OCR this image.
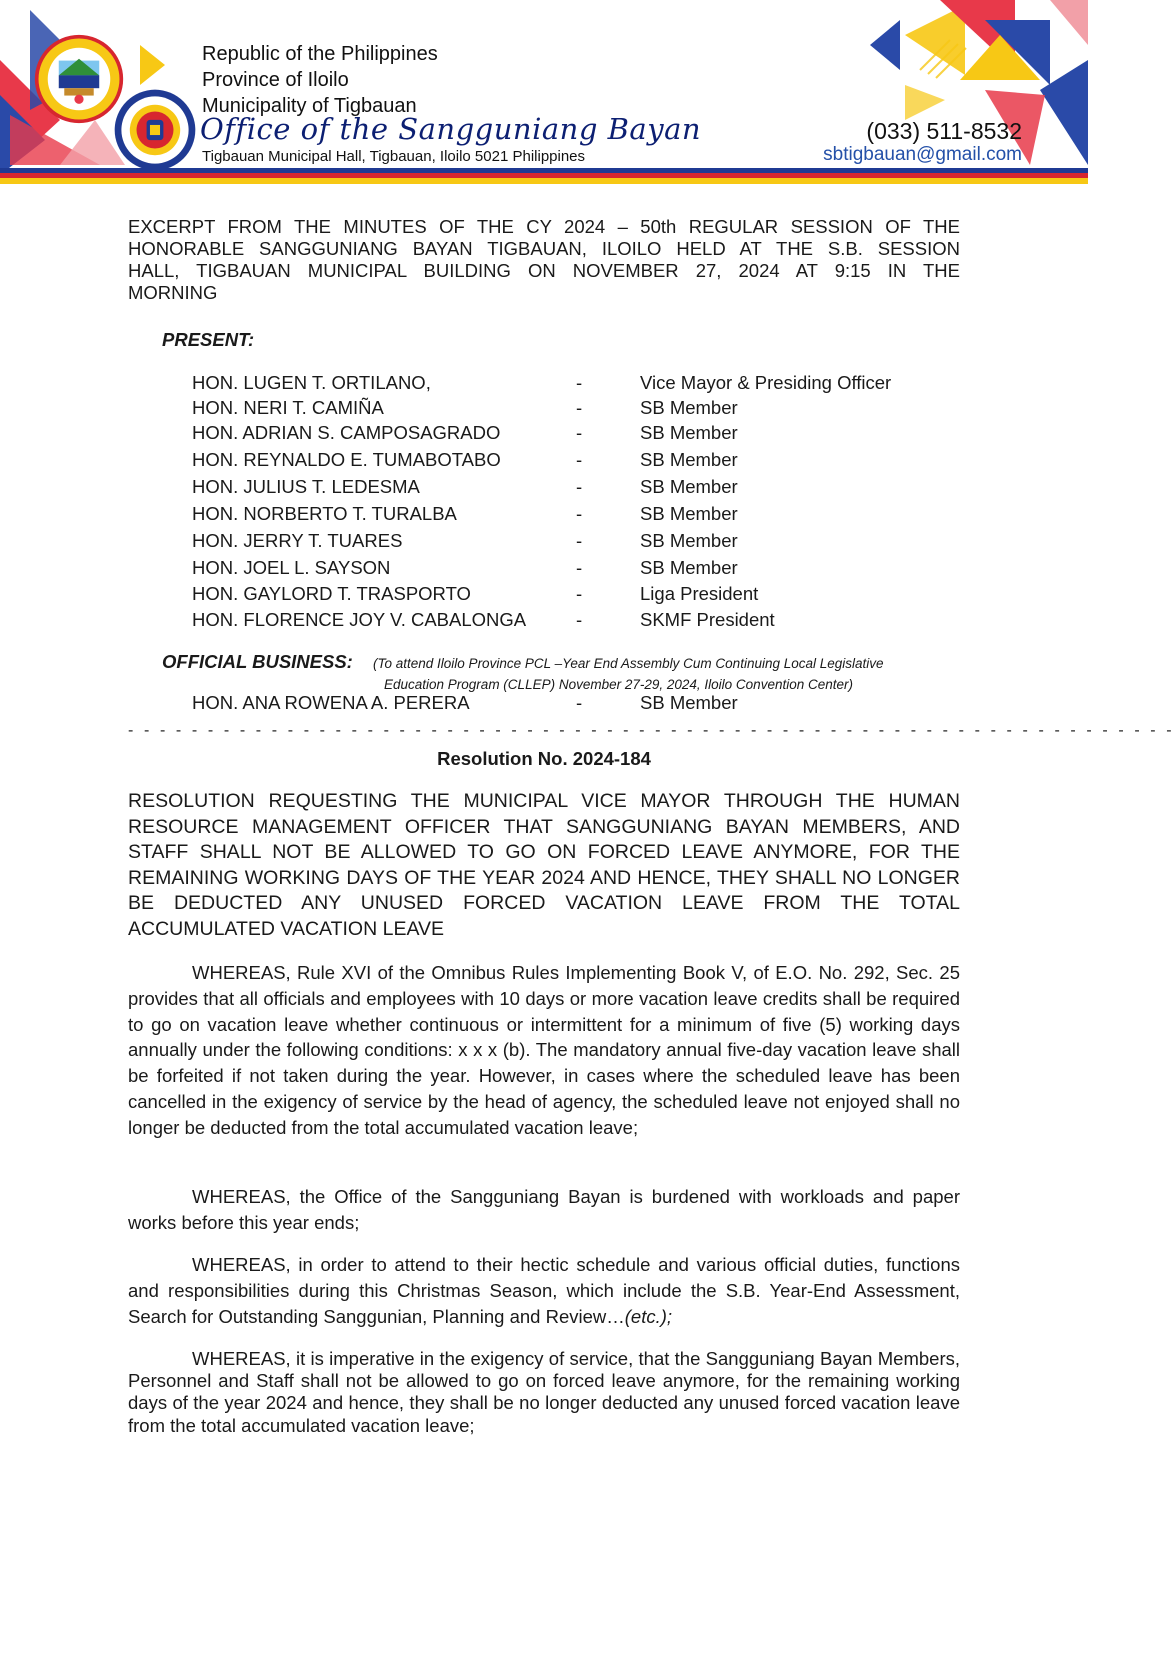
Republic of the Philippines
Province of Iloilo
Municipality of Tigbauan
Office of the Sangguniang Bayan
Tigbauan Municipal Hall, Tigbauan, Iloilo 5021 Philippines
(033) 511-8532
sbtigbauan@gmail.com
EXCERPT FROM THE MINUTES OF THE CY 2024 – 50th REGULAR SESSION OF THE
HONORABLE SANGGUNIANG BAYAN TIGBAUAN, ILOILO HELD AT THE S.B. SESSION
HALL, TIGBAUAN MUNICIPAL BUILDING ON NOVEMBER 27, 2024 AT 9:15 IN THE
MORNING
PRESENT:
HON. LUGEN T. ORTILANO,	-	Vice Mayor & Presiding Officer
HON. NERI T. CAMIÑA	-	SB Member
HON. ADRIAN S. CAMPOSAGRADO	-	SB Member
HON. REYNALDO E. TUMABOTABO	-	SB Member
HON. JULIUS T. LEDESMA	-	SB Member
HON. NORBERTO T. TURALBA	-	SB Member
HON. JERRY T. TUARES	-	SB Member
HON. JOEL L. SAYSON	-	SB Member
HON. GAYLORD T. TRASPORTO	-	Liga President
HON. FLORENCE JOY V. CABALONGA	-	SKMF President
OFFICIAL BUSINESS: (To attend Iloilo Province PCL –Year End Assembly Cum Continuing Local Legislative
Education Program (CLLEP) November 27-29, 2024, Iloilo Convention Center)
HON. ANA ROWENA A. PERERA	-	SB Member
- - - - - - - - - - - - - - - - - - - - - - - - - - - - - - - - - - - - - - - - - - - - - - - - - - - - - - - - - - - - - - - - - -
Resolution No. 2024-184
RESOLUTION REQUESTING THE MUNICIPAL VICE MAYOR THROUGH THE HUMAN
RESOURCE MANAGEMENT OFFICER THAT SANGGUNIANG BAYAN MEMBERS, AND
STAFF SHALL NOT BE ALLOWED TO GO ON FORCED LEAVE ANYMORE, FOR THE
REMAINING WORKING DAYS OF THE YEAR 2024 AND HENCE, THEY SHALL NO LONGER
BE DEDUCTED ANY UNUSED FORCED VACATION LEAVE FROM THE TOTAL
ACCUMULATED VACATION LEAVE
WHEREAS, Rule XVI of the Omnibus Rules Implementing Book V, of E.O. No. 292, Sec. 25 provides that all officials and employees with 10 days or more vacation leave credits shall be required to go on vacation leave whether continuous or intermittent for a minimum of five (5) working days annually under the following conditions: x x x (b). The mandatory annual five-day vacation leave shall be forfeited if not taken during the year. However, in cases where the scheduled leave has been cancelled in the exigency of service by the head of agency, the scheduled leave not enjoyed shall no longer be deducted from the total accumulated vacation leave;
WHEREAS, the Office of the Sangguniang Bayan is burdened with workloads and paper works before this year ends;
WHEREAS, in order to attend to their hectic schedule and various official duties, functions and responsibilities during this Christmas Season, which include the S.B. Year-End Assessment, Search for Outstanding Sanggunian, Planning and Review…(etc.);
WHEREAS, it is imperative in the exigency of service, that the Sangguniang Bayan Members, Personnel and Staff shall not be allowed to go on forced leave anymore, for the remaining working days of the year 2024 and hence, they shall be no longer deducted any unused forced vacation leave from the total accumulated vacation leave;
